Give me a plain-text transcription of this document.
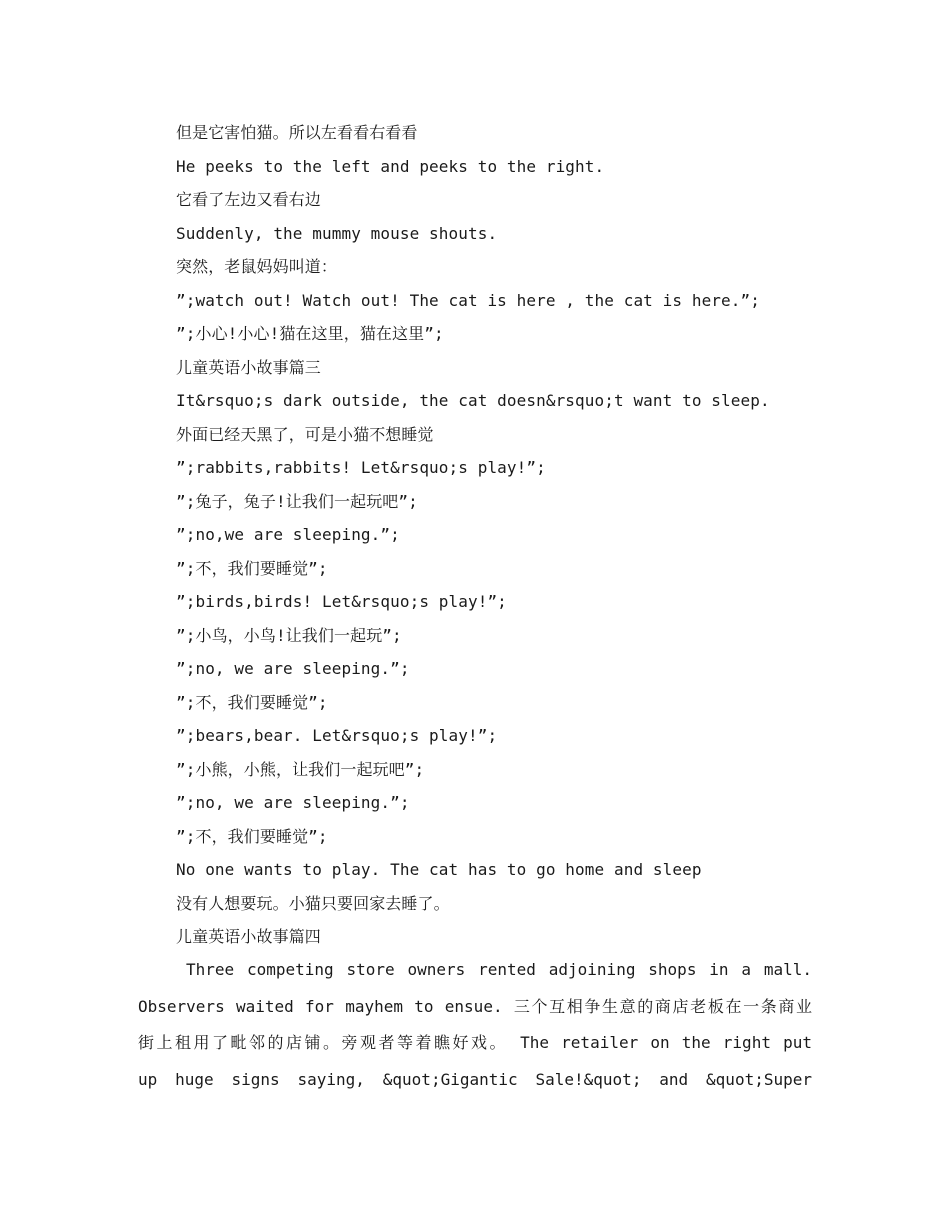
但是它害怕猫。所以左看看右看看
He peeks to the left and peeks to the right.
它看了左边又看右边
Suddenly, the mummy mouse shouts.
突然，老鼠妈妈叫道：
”;watch out! Watch out! The cat is here , the cat is here.”;
”;小心!小心!猫在这里，猫在这里”;
儿童英语小故事篇三
It&rsquo;s dark outside, the cat doesn&rsquo;t want to sleep.
外面已经天黑了，可是小猫不想睡觉
”;rabbits,rabbits! Let&rsquo;s play!”;
”;兔子，兔子!让我们一起玩吧”;
”;no,we are sleeping.”;
”;不，我们要睡觉”;
”;birds,birds! Let&rsquo;s play!”;
”;小鸟，小鸟!让我们一起玩”;
”;no, we are sleeping.”;
”;不，我们要睡觉”;
”;bears,bear. Let&rsquo;s play!”;
”;小熊，小熊，让我们一起玩吧”;
”;no, we are sleeping.”;
”;不，我们要睡觉”;
No one wants to play. The cat has to go home and sleep
没有人想要玩。小猫只要回家去睡了。
儿童英语小故事篇四
Three competing store owners rented adjoining shops in a mall.
Observers waited for mayhem to ensue. 三个互相争生意的商店老板在一条商业
街上租用了毗邻的店铺。旁观者等着瞧好戏。 The retailer on the right put
up huge signs saying, &quot;Gigantic Sale!&quot; and &quot;Super
